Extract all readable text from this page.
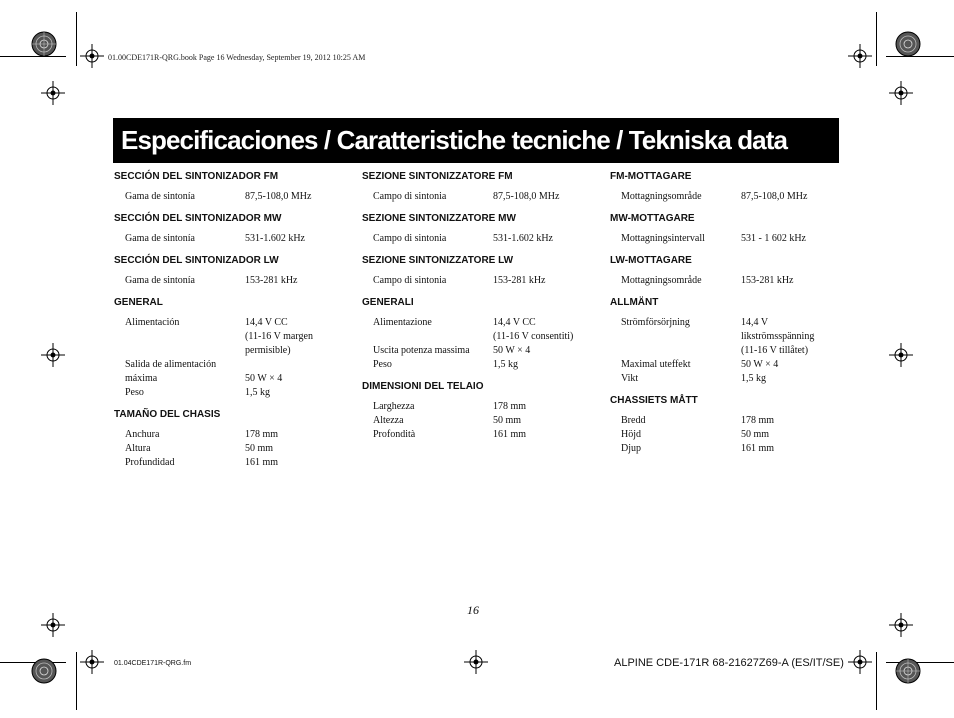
01.00CDE171R-QRG.book Page 16 Wednesday, September 19, 2012 10:25 AM
Especificaciones / Caratteristiche tecniche / Tekniska data
SECCIÓN DEL SINTONIZADOR FM
Gama de sintonía	87,5-108,0 MHz
SECCIÓN DEL SINTONIZADOR MW
Gama de sintonía	531-1.602 kHz
SECCIÓN DEL SINTONIZADOR LW
Gama de sintonía	153-281 kHz
GENERAL
Alimentación	14,4 V CC
(11-16 V margen
permisible)
Salida de alimentación
máxima	50 W × 4
Peso	1,5 kg
TAMAÑO DEL CHASIS
Anchura	178 mm
Altura	50 mm
Profundidad	161 mm
SEZIONE SINTONIZZATORE FM
Campo di sintonia	87,5-108,0 MHz
SEZIONE SINTONIZZATORE MW
Campo di sintonia	531-1.602 kHz
SEZIONE SINTONIZZATORE LW
Campo di sintonia	153-281 kHz
GENERALI
Alimentazione	14,4 V CC
(11-16 V consentiti)
Uscita potenza massima	50 W × 4
Peso	1,5 kg
DIMENSIONI DEL TELAIO
Larghezza	178 mm
Altezza	50 mm
Profondità	161 mm
FM-MOTTAGARE
Mottagningsområde	87,5-108,0 MHz
MW-MOTTAGARE
Mottagningsintervall	531 - 1 602 kHz
LW-MOTTAGARE
Mottagningsområde	153-281 kHz
ALLMÄNT
Strömförsörjning	14,4 V
likströmsspänning
(11-16 V tillåtet)
Maximal uteffekt	50 W × 4
Vikt	1,5 kg
CHASSIETS MÅTT
Bredd	178 mm
Höjd	50 mm
Djup	161 mm
16
01.04CDE171R-QRG.fm	ALPINE CDE-171R 68-21627Z69-A (ES/IT/SE)
